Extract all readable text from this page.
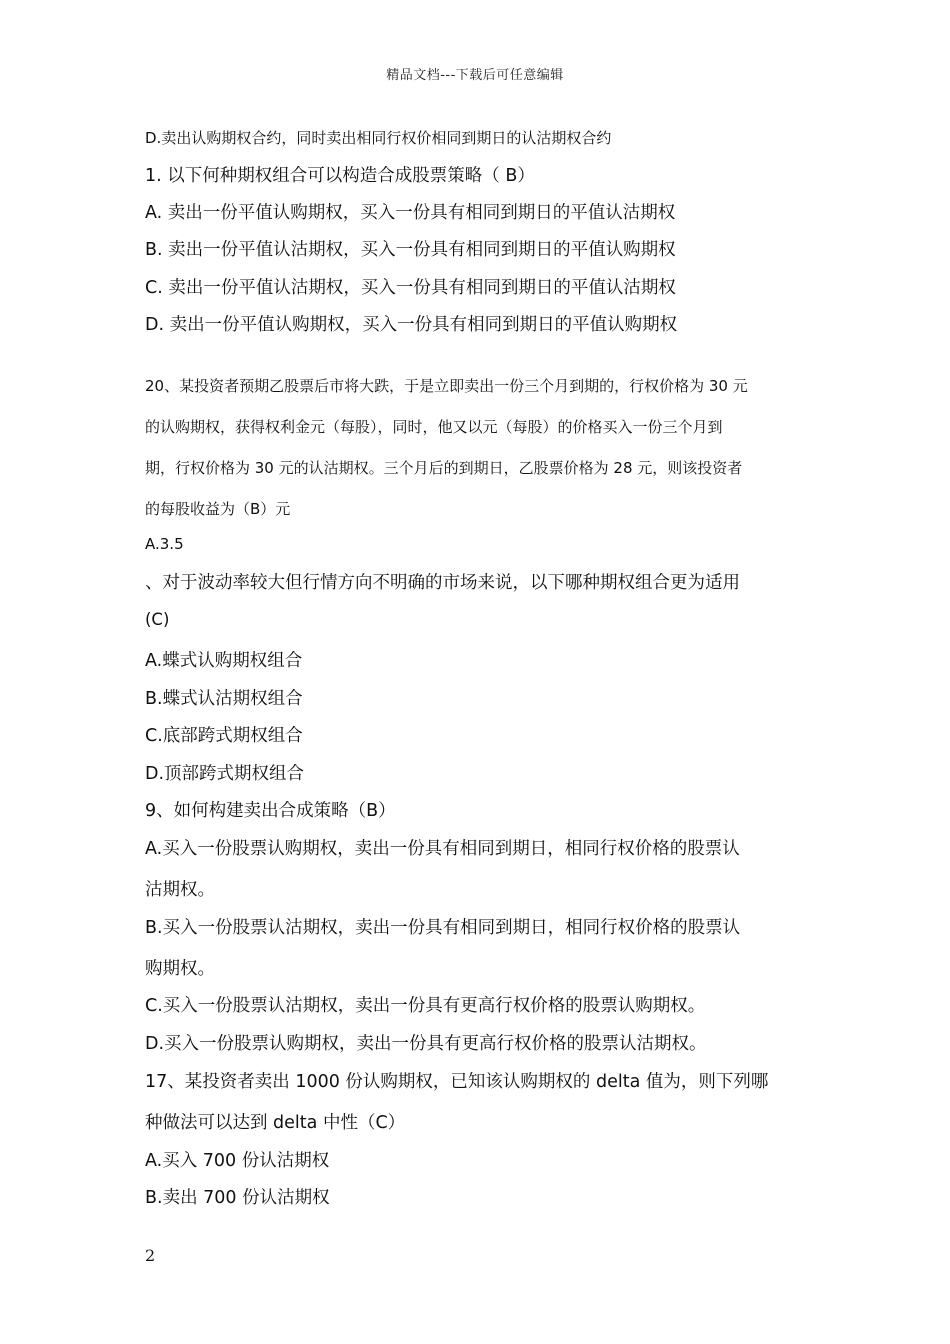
精品文档---下载后可任意编辑
D.卖出认购期权合约，同时卖出相同行权价相同到期日的认沽期权合约
1. 以下何种期权组合可以构造合成股票策略（ B）
A. 卖出一份平值认购期权，买入一份具有相同到期日的平值认沽期权
B. 卖出一份平值认沽期权，买入一份具有相同到期日的平值认购期权
C. 卖出一份平值认沽期权，买入一份具有相同到期日的平值认沽期权
D. 卖出一份平值认购期权，买入一份具有相同到期日的平值认购期权
20、某投资者预期乙股票后市将大跌，于是立即卖出一份三个月到期的，行权价格为 30 元
的认购期权，获得权利金元（每股），同时，他又以元（每股）的价格买入一份三个月到
期，行权价格为 30 元的认沽期权。三个月后的到期日，乙股票价格为 28 元，则该投资者
的每股收益为（B）元
A.3.5
、对于波动率较大但行情方向不明确的市场来说，以下哪种期权组合更为适用
(C)
A.蝶式认购期权组合
B.蝶式认沽期权组合
C.底部跨式期权组合
D.顶部跨式期权组合
9、如何构建卖出合成策略（B）
A.买入一份股票认购期权，卖出一份具有相同到期日，相同行权价格的股票认
沽期权。
B.买入一份股票认沽期权，卖出一份具有相同到期日，相同行权价格的股票认
购期权。
C.买入一份股票认沽期权，卖出一份具有更高行权价格的股票认购期权。
D.买入一份股票认购期权，卖出一份具有更高行权价格的股票认沽期权。
17、某投资者卖出 1000 份认购期权，已知该认购期权的 delta 值为，则下列哪
种做法可以达到 delta 中性（C）
A.买入 700 份认沽期权
B.卖出 700 份认沽期权
2
